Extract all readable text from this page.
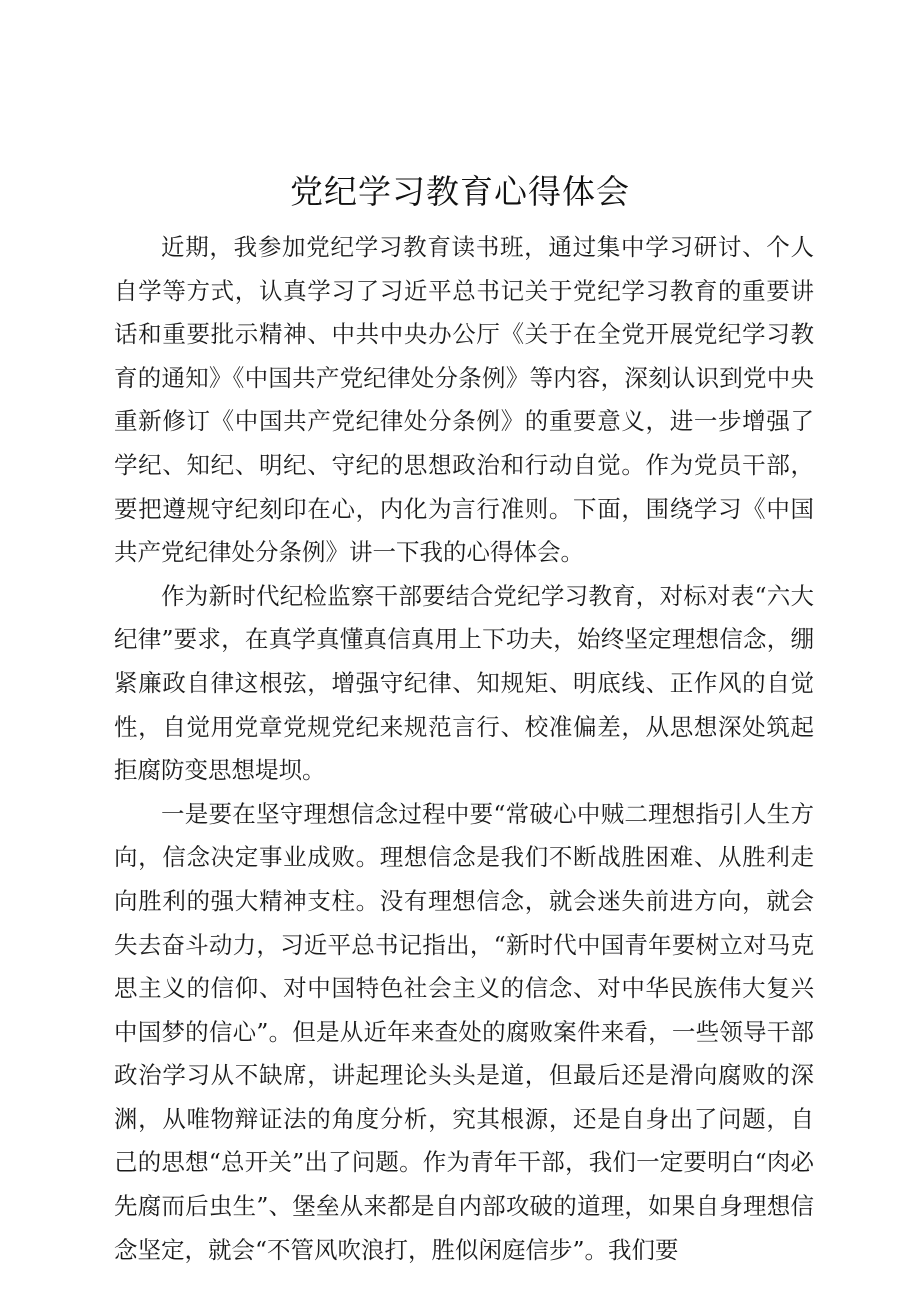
党纪学习教育心得体会

近期，我参加党纪学习教育读书班，通过集中学习研讨、个人自学等方式，认真学习了习近平总书记关于党纪学习教育的重要讲话和重要批示精神、中共中央办公厅《关于在全党开展党纪学习教育的通知》《中国共产党纪律处分条例》等内容，深刻认识到党中央重新修订《中国共产党纪律处分条例》的重要意义，进一步增强了学纪、知纪、明纪、守纪的思想政治和行动自觉。作为党员干部，要把遵规守纪刻印在心，内化为言行准则。下面，围绕学习《中国共产党纪律处分条例》讲一下我的心得体会。

作为新时代纪检监察干部要结合党纪学习教育，对标对表“六大纪律”要求，在真学真懂真信真用上下功夫，始终坚定理想信念，绷紧廉政自律这根弦，增强守纪律、知规矩、明底线、正作风的自觉性，自觉用党章党规党纪来规范言行、校准偏差，从思想深处筑起拒腐防变思想堤坝。

一是要在坚守理想信念过程中要“常破心中贼二理想指引人生方向，信念决定事业成败。理想信念是我们不断战胜困难、从胜利走向胜利的强大精神支柱。没有理想信念，就会迷失前进方向，就会失去奋斗动力，习近平总书记指出，“新时代中国青年要树立对马克思主义的信仰、对中国特色社会主义的信念、对中华民族伟大复兴中国梦的信心”。但是从近年来查处的腐败案件来看，一些领导干部政治学习从不缺席，讲起理论头头是道，但最后还是滑向腐败的深渊，从唯物辩证法的角度分析，究其根源，还是自身出了问题，自己的思想“总开关”出了问题。作为青年干部，我们一定要明白“肉必先腐而后虫生”、堡垒从来都是自内部攻破的道理，如果自身理想信念坚定，就会“不管风吹浪打，胜似闲庭信步”。我们要
